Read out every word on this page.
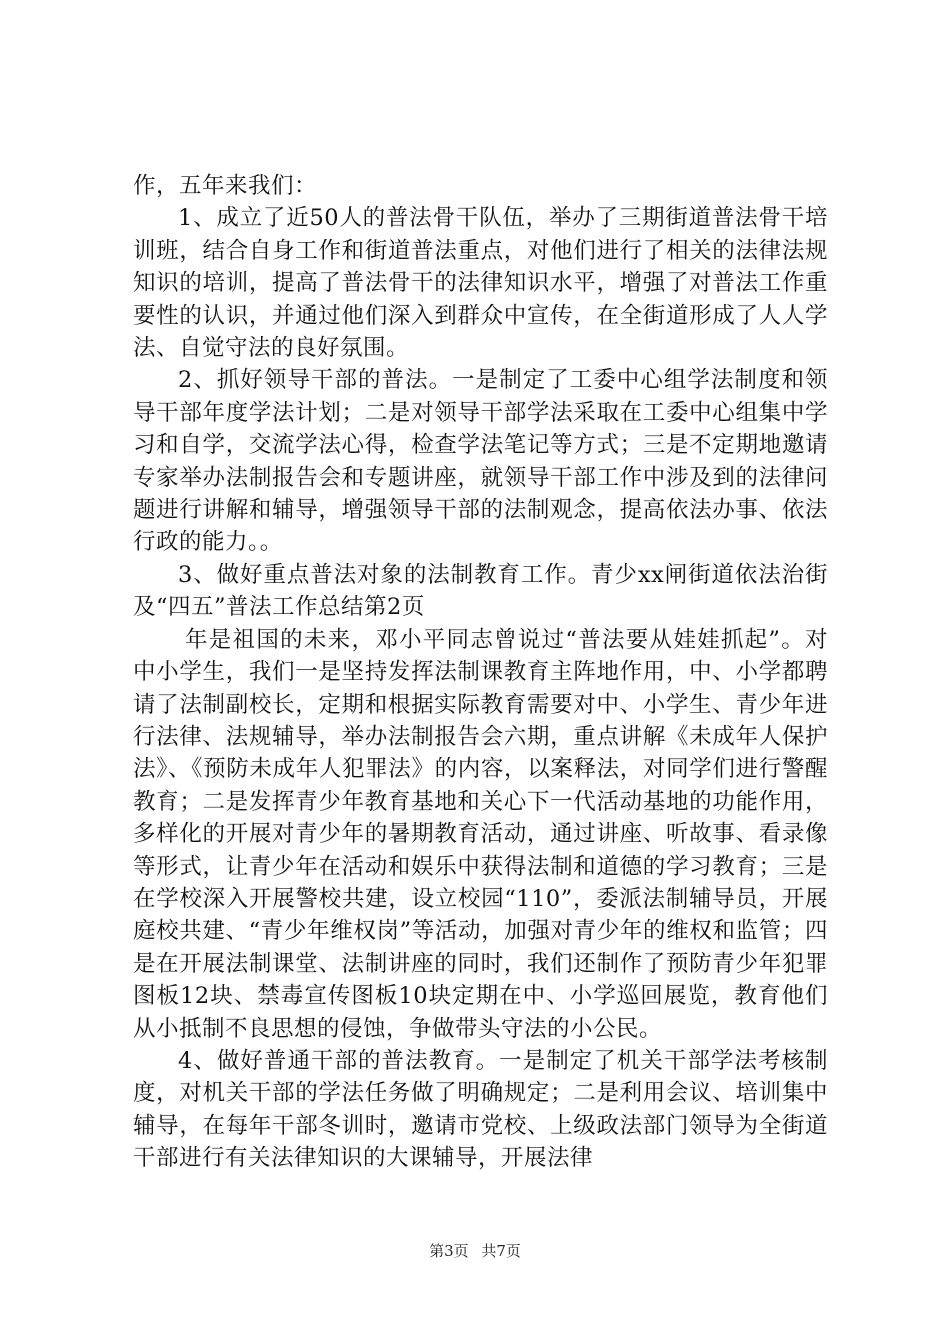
作，五年来我们：

1、成立了近50人的普法骨干队伍，举办了三期街道普法骨干培训班，结合自身工作和街道普法重点，对他们进行了相关的法律法规知识的培训，提高了普法骨干的法律知识水平，增强了对普法工作重要性的认识，并通过他们深入到群众中宣传，在全街道形成了人人学法、自觉守法的良好氛围。

2、抓好领导干部的普法。一是制定了工委中心组学法制度和领导干部年度学法计划；二是对领导干部学法采取在工委中心组集中学习和自学，交流学法心得，检查学法笔记等方式；三是不定期地邀请专家举办法制报告会和专题讲座，就领导干部工作中涉及到的法律问题进行讲解和辅导，增强领导干部的法制观念，提高依法办事、依法行政的能力。。

3、做好重点普法对象的法制教育工作。青少xx闸街道依法治街及“四五”普法工作总结第2页

年是祖国的未来，邓小平同志曾说过“普法要从娃娃抓起”。对中小学生，我们一是坚持发挥法制课教育主阵地作用，中、小学都聘请了法制副校长，定期和根据实际教育需要对中、小学生、青少年进行法律、法规辅导，举办法制报告会六期，重点讲解《未成年人保护法》、《预防未成年人犯罪法》的内容，以案释法，对同学们进行警醒教育；二是发挥青少年教育基地和关心下一代活动基地的功能作用，多样化的开展对青少年的暑期教育活动，通过讲座、听故事、看录像等形式，让青少年在活动和娱乐中获得法制和道德的学习教育；三是在学校深入开展警校共建，设立校园“110”，委派法制辅导员，开展庭校共建、“青少年维权岗”等活动，加强对青少年的维权和监管；四是在开展法制课堂、法制讲座的同时，我们还制作了预防青少年犯罪图板12块、禁毒宣传图板10块定期在中、小学巡回展览，教育他们从小抵制不良思想的侵蚀，争做带头守法的小公民。

4、做好普通干部的普法教育。一是制定了机关干部学法考核制度，对机关干部的学法任务做了明确规定；二是利用会议、培训集中辅导，在每年干部冬训时，邀请市党校、上级政法部门领导为全街道干部进行有关法律知识的大课辅导，开展法律

第3页 共7页
